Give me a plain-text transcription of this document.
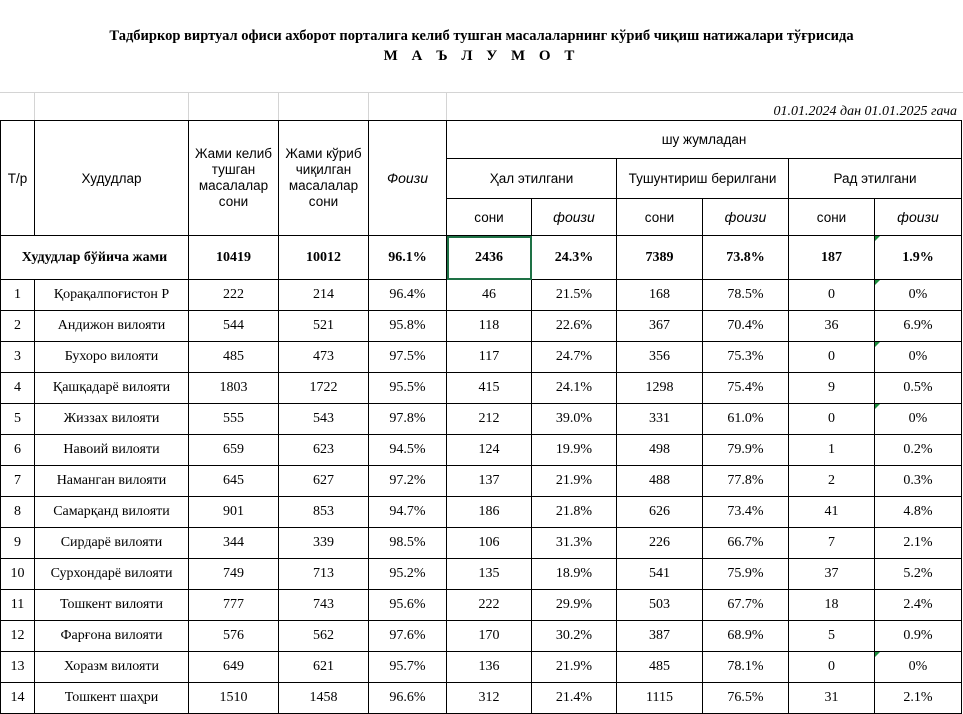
Тадбиркор виртуал офиси ахборот порталига келиб тушган масалаларнинг кўриб чиқиш натижалари тўғрисида
М А Ъ Л У М О Т
01.01.2024 дан 01.01.2025 гача
Т/р	Худудлар	Жами келиб тушган масалалар сони	Жами кўриб чиқилган масалалар сони	Фоизи	шу жумладан					
					Ҳал этилгани		Тушунтириш берилгани		Рад этилгани	
					сони	фоизи	сони	фоизи	сони	фоизи
Худудлар бўйича жами		10419	10012	96.1%	2436	24.3%	7389	73.8%	187	1.9%
1	Қорақалпоғистон Р	222	214	96.4%	46	21.5%	168	78.5%	0	0%
2	Андижон вилояти	544	521	95.8%	118	22.6%	367	70.4%	36	6.9%
3	Бухоро вилояти	485	473	97.5%	117	24.7%	356	75.3%	0	0%
4	Қашқадарё вилояти	1803	1722	95.5%	415	24.1%	1298	75.4%	9	0.5%
5	Жиззах вилояти	555	543	97.8%	212	39.0%	331	61.0%	0	0%
6	Навоий вилояти	659	623	94.5%	124	19.9%	498	79.9%	1	0.2%
7	Наманган вилояти	645	627	97.2%	137	21.9%	488	77.8%	2	0.3%
8	Самарқанд вилояти	901	853	94.7%	186	21.8%	626	73.4%	41	4.8%
9	Сирдарё вилояти	344	339	98.5%	106	31.3%	226	66.7%	7	2.1%
10	Сурхондарё вилояти	749	713	95.2%	135	18.9%	541	75.9%	37	5.2%
11	Тошкент вилояти	777	743	95.6%	222	29.9%	503	67.7%	18	2.4%
12	Фарғона вилояти	576	562	97.6%	170	30.2%	387	68.9%	5	0.9%
13	Хоразм вилояти	649	621	95.7%	136	21.9%	485	78.1%	0	0%
14	Тошкент шаҳри	1510	1458	96.6%	312	21.4%	1115	76.5%	31	2.1%
